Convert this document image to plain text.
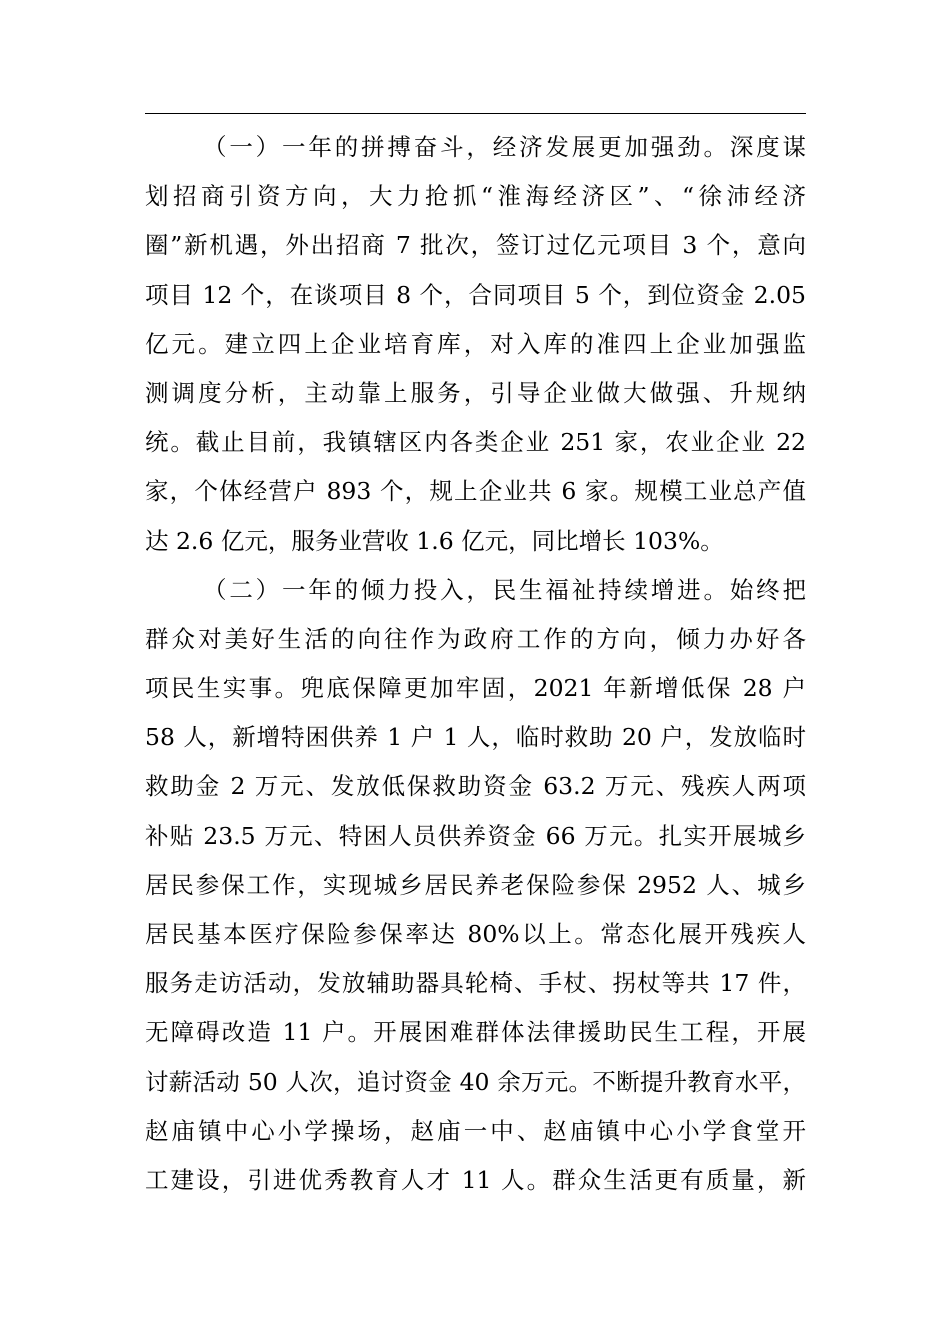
（一）一年的拼搏奋斗，经济发展更加强劲。深度谋
划招商引资方向，大力抢抓“淮海经济区”、“徐沛经济
圈”新机遇，外出招商 7 批次，签订过亿元项目 3 个，意向
项目 12 个，在谈项目 8 个，合同项目 5 个，到位资金 2.05
亿元。建立四上企业培育库，对入库的准四上企业加强监
测调度分析，主动靠上服务，引导企业做大做强、升规纳
统。截止目前，我镇辖区内各类企业 251 家，农业企业 22
家，个体经营户 893 个，规上企业共 6 家。规模工业总产值
达 2.6 亿元，服务业营收 1.6 亿元，同比增长 103%。
（二）一年的倾力投入，民生福祉持续增进。始终把
群众对美好生活的向往作为政府工作的方向，倾力办好各
项民生实事。兜底保障更加牢固，2021 年新增低保 28 户
58 人，新增特困供养 1 户 1 人，临时救助 20 户，发放临时
救助金 2 万元、发放低保救助资金 63.2 万元、残疾人两项
补贴 23.5 万元、特困人员供养资金 66 万元。扎实开展城乡
居民参保工作，实现城乡居民养老保险参保 2952 人、城乡
居民基本医疗保险参保率达 80%以上。常态化展开残疾人
服务走访活动，发放辅助器具轮椅、手杖、拐杖等共 17 件，
无障碍改造 11 户。开展困难群体法律援助民生工程，开展
讨薪活动 50 人次，追讨资金 40 余万元。不断提升教育水平，
赵庙镇中心小学操场，赵庙一中、赵庙镇中心小学食堂开
工建设，引进优秀教育人才 11 人。群众生活更有质量，新
